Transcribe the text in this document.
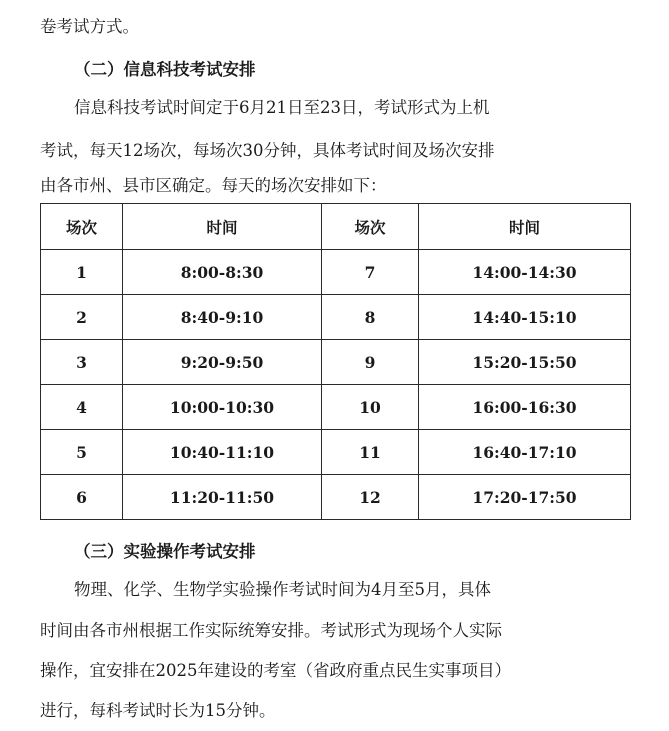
卷考试方式。
（二）信息科技考试安排
信息科技考试时间定于6月21日至23日，考试形式为上机
考试，每天12场次，每场次30分钟，具体考试时间及场次安排
由各市州、县市区确定。每天的场次安排如下：
场次	时间	场次	时间
1	8:00-8:30	7	14:00-14:30
2	8:40-9:10	8	14:40-15:10
3	9:20-9:50	9	15:20-15:50
4	10:00-10:30	10	16:00-16:30
5	10:40-11:10	11	16:40-17:10
6	11:20-11:50	12	17:20-17:50
（三）实验操作考试安排
物理、化学、生物学实验操作考试时间为4月至5月，具体
时间由各市州根据工作实际统筹安排。考试形式为现场个人实际
操作，宜安排在2025年建设的考室（省政府重点民生实事项目）
进行，每科考试时长为15分钟。
